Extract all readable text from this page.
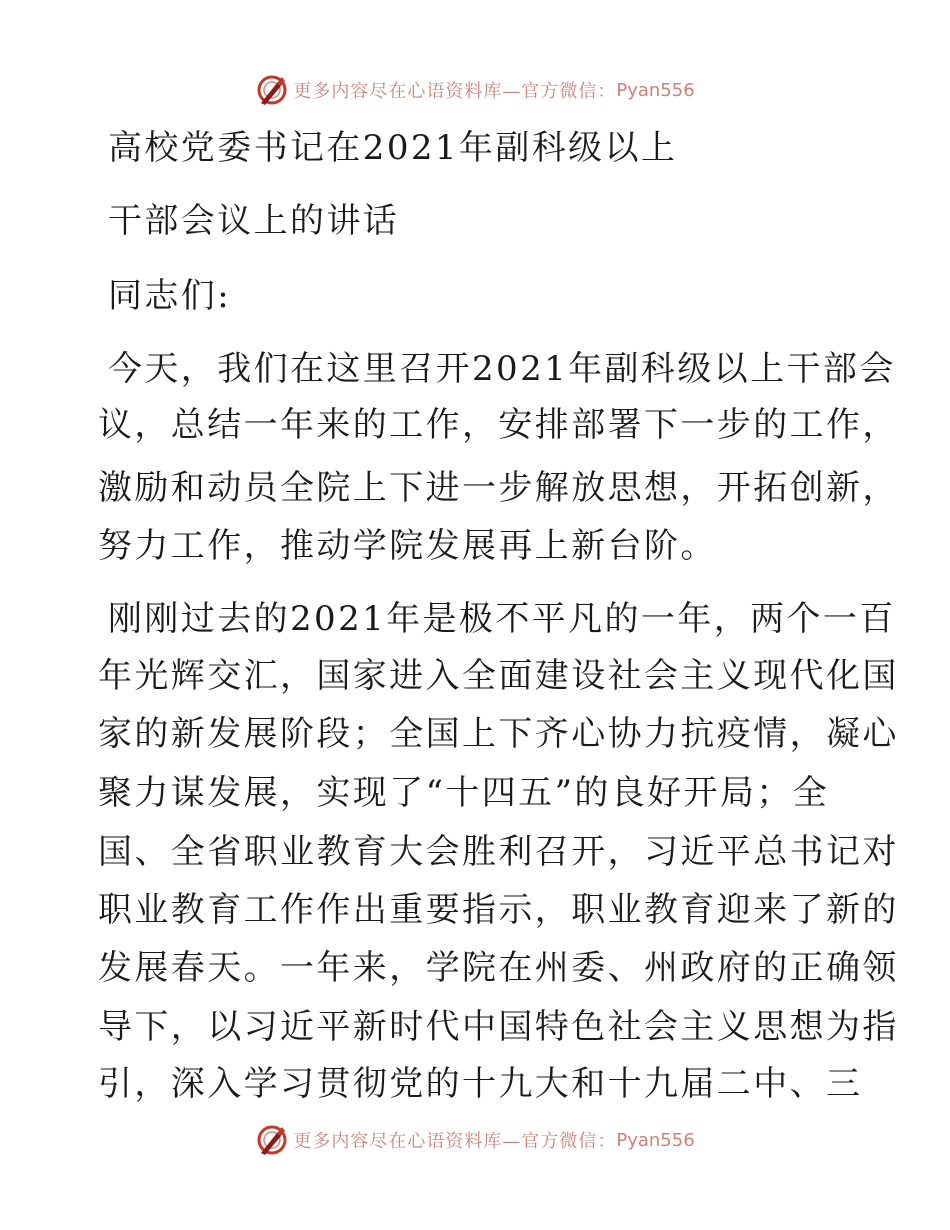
更多内容尽在心语资料库—官方微信： Pyan556
高校党委书记在2021年副科级以上
干部会议上的讲话
同志们:
今天，我们在这里召开2021年副科级以上干部会
议，总结一年来的工作，安排部署下一步的工作，
激励和动员全院上下进一步解放思想，开拓创新，
努力工作，推动学院发展再上新台阶。
刚刚过去的2021年是极不平凡的一年，两个一百
年光辉交汇，国家进入全面建设社会主义现代化国
家的新发展阶段；全国上下齐心协力抗疫情，凝心
聚力谋发展，实现了“十四五”的良好开局；全
国、全省职业教育大会胜利召开，习近平总书记对
职业教育工作作出重要指示，职业教育迎来了新的
发展春天。一年来，学院在州委、州政府的正确领
导下，以习近平新时代中国特色社会主义思想为指
引，深入学习贯彻党的十九大和十九届二中、三
更多内容尽在心语资料库—官方微信： Pyan556
